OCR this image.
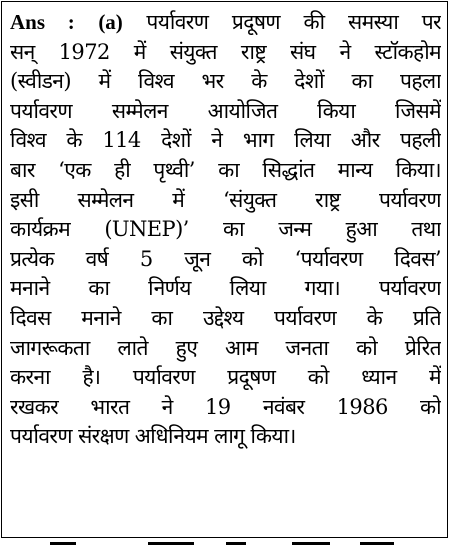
Ans : (a) पर्यावरण प्रदूषण की समस्या पर
सन् 1972 में संयुक्त राष्ट्र संघ ने स्टॉकहोम
(स्वीडन) में विश्व भर के देशों का पहला
पर्यावरण सम्मेलन आयोजित किया जिसमें
विश्व के 114 देशों ने भाग लिया और पहली
बार ‘एक ही पृथ्वी’ का सिद्धांत मान्य किया।
इसी सम्मेलन में ‘संयुक्त राष्ट्र पर्यावरण
कार्यक्रम (UNEP)’ का जन्म हुआ तथा
प्रत्येक वर्ष 5 जून को ‘पर्यावरण दिवस’
मनाने का निर्णय लिया गया। पर्यावरण
दिवस मनाने का उद्देश्य पर्यावरण के प्रति
जागरूकता लाते हुए आम जनता को प्रेरित
करना है। पर्यावरण प्रदूषण को ध्यान में
रखकर भारत ने 19 नवंबर 1986 को
पर्यावरण संरक्षण अधिनियम लागू किया।
